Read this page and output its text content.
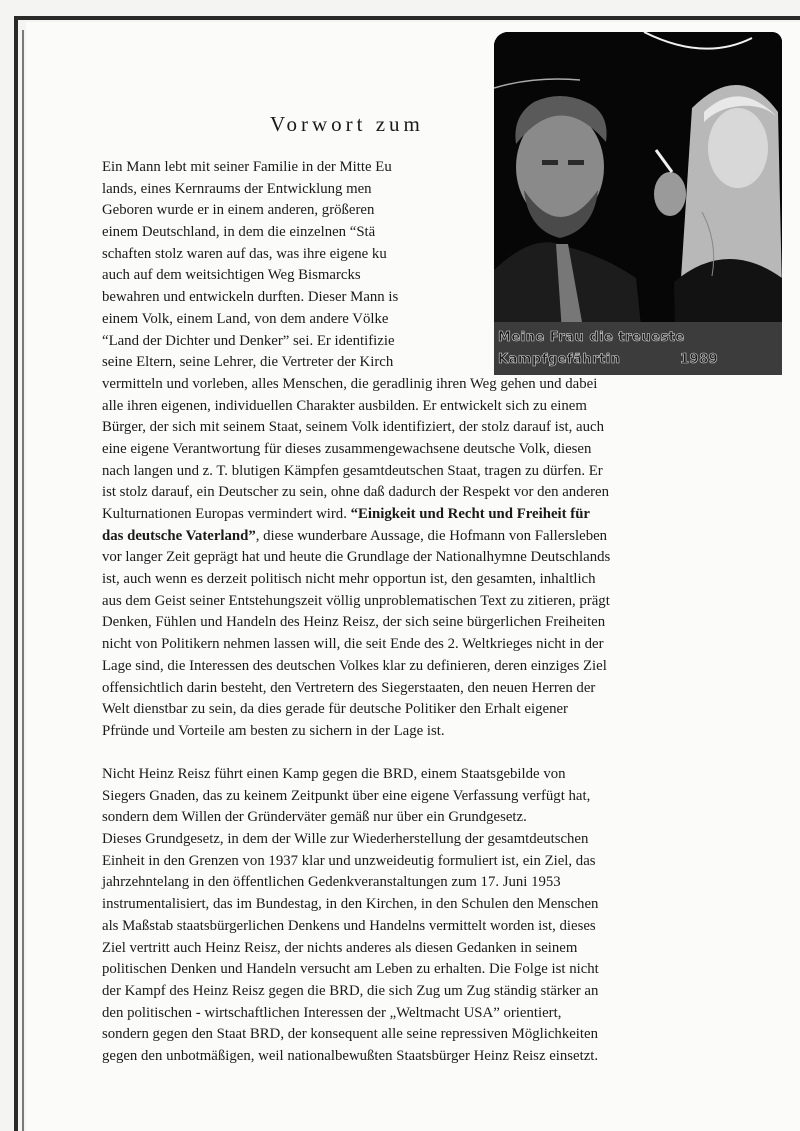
Vorwort zum
Ein Mann lebt mit seiner Familie in der Mitte Eu
lands, eines Kernraums der Entwicklung men
Geboren wurde er in einem anderen, größeren
einem Deutschland, in dem die einzelnen “Stä
schaften stolz waren auf das, was ihre eigene ku
auch auf dem weitsichtigen Weg Bismarcks
bewahren und entwickeln durften. Dieser Mann is
einem Volk, einem Land, von dem andere Völke
“Land der Dichter und Denker” sei. Er identifizie
seine Eltern, seine Lehrer, die Vertreter der Kirch
vermitteln und vorleben, alles Menschen, die geradlinig ihren Weg gehen und dabei
alle ihren eigenen, individuellen Charakter ausbilden. Er entwickelt sich zu einem
Bürger, der sich mit seinem Staat, seinem Volk identifiziert, der stolz darauf ist, auch
eine eigene Verantwortung für dieses zusammengewachsene deutsche Volk, diesen
nach langen und z. T. blutigen Kämpfen gesamtdeutschen Staat, tragen zu dürfen. Er
ist stolz darauf, ein Deutscher zu sein, ohne daß dadurch der Respekt vor den anderen
Kulturnationen Europas vermindert wird. “Einigkeit und Recht und Freiheit für
das deutsche Vaterland”, diese wunderbare Aussage, die Hofmann von Fallersleben
vor langer Zeit geprägt hat und heute die Grundlage der Nationalhymne Deutschlands
ist, auch wenn es derzeit politisch nicht mehr opportun ist, den gesamten, inhaltlich
aus dem Geist seiner Entstehungszeit völlig unproblematischen Text zu zitieren, prägt
Denken, Fühlen und Handeln des Heinz Reisz, der sich seine bürgerlichen Freiheiten
nicht von Politikern nehmen lassen will, die seit Ende des 2. Weltkrieges nicht in der
Lage sind, die Interessen des deutschen Volkes klar zu definieren, deren einziges Ziel
offensichtlich darin besteht, den Vertretern des Siegerstaaten, den neuen Herren der
Welt dienstbar zu sein, da dies gerade für deutsche Politiker den Erhalt eigener
Pfründe und Vorteile am besten zu sichern in der Lage ist.
Nicht Heinz Reisz führt einen Kamp gegen die BRD, einem Staatsgebilde von
Siegers Gnaden, das zu keinem Zeitpunkt über eine eigene Verfassung verfügt hat,
sondern dem Willen der Gründerväter gemäß nur über ein Grundgesetz.
Dieses Grundgesetz, in dem der Wille zur Wiederherstellung der gesamtdeutschen
Einheit in den Grenzen von 1937 klar und unzweideutig formuliert ist, ein Ziel, das
jahrzehntelang in den öffentlichen Gedenkveranstaltungen zum 17. Juni 1953
instrumentalisiert, das im Bundestag, in den Kirchen, in den Schulen den Menschen
als Maßstab staatsbürgerlichen Denkens und Handelns vermittelt worden ist, dieses
Ziel vertritt auch Heinz Reisz, der nichts anderes als diesen Gedanken in seinem
politischen Denken und Handeln versucht am Leben zu erhalten. Die Folge ist nicht
der Kampf des Heinz Reisz gegen die BRD, die sich Zug um Zug ständig stärker an
den politischen - wirtschaftlichen Interessen der „Weltmacht USA” orientiert,
sondern gegen den Staat BRD, der konsequent alle seine repressiven Möglichkeiten
gegen den unbotmäßigen, weil nationalbewußten Staatsbürger Heinz Reisz einsetzt.
Meine Frau die treueste
Kampfgefährtin	1989
